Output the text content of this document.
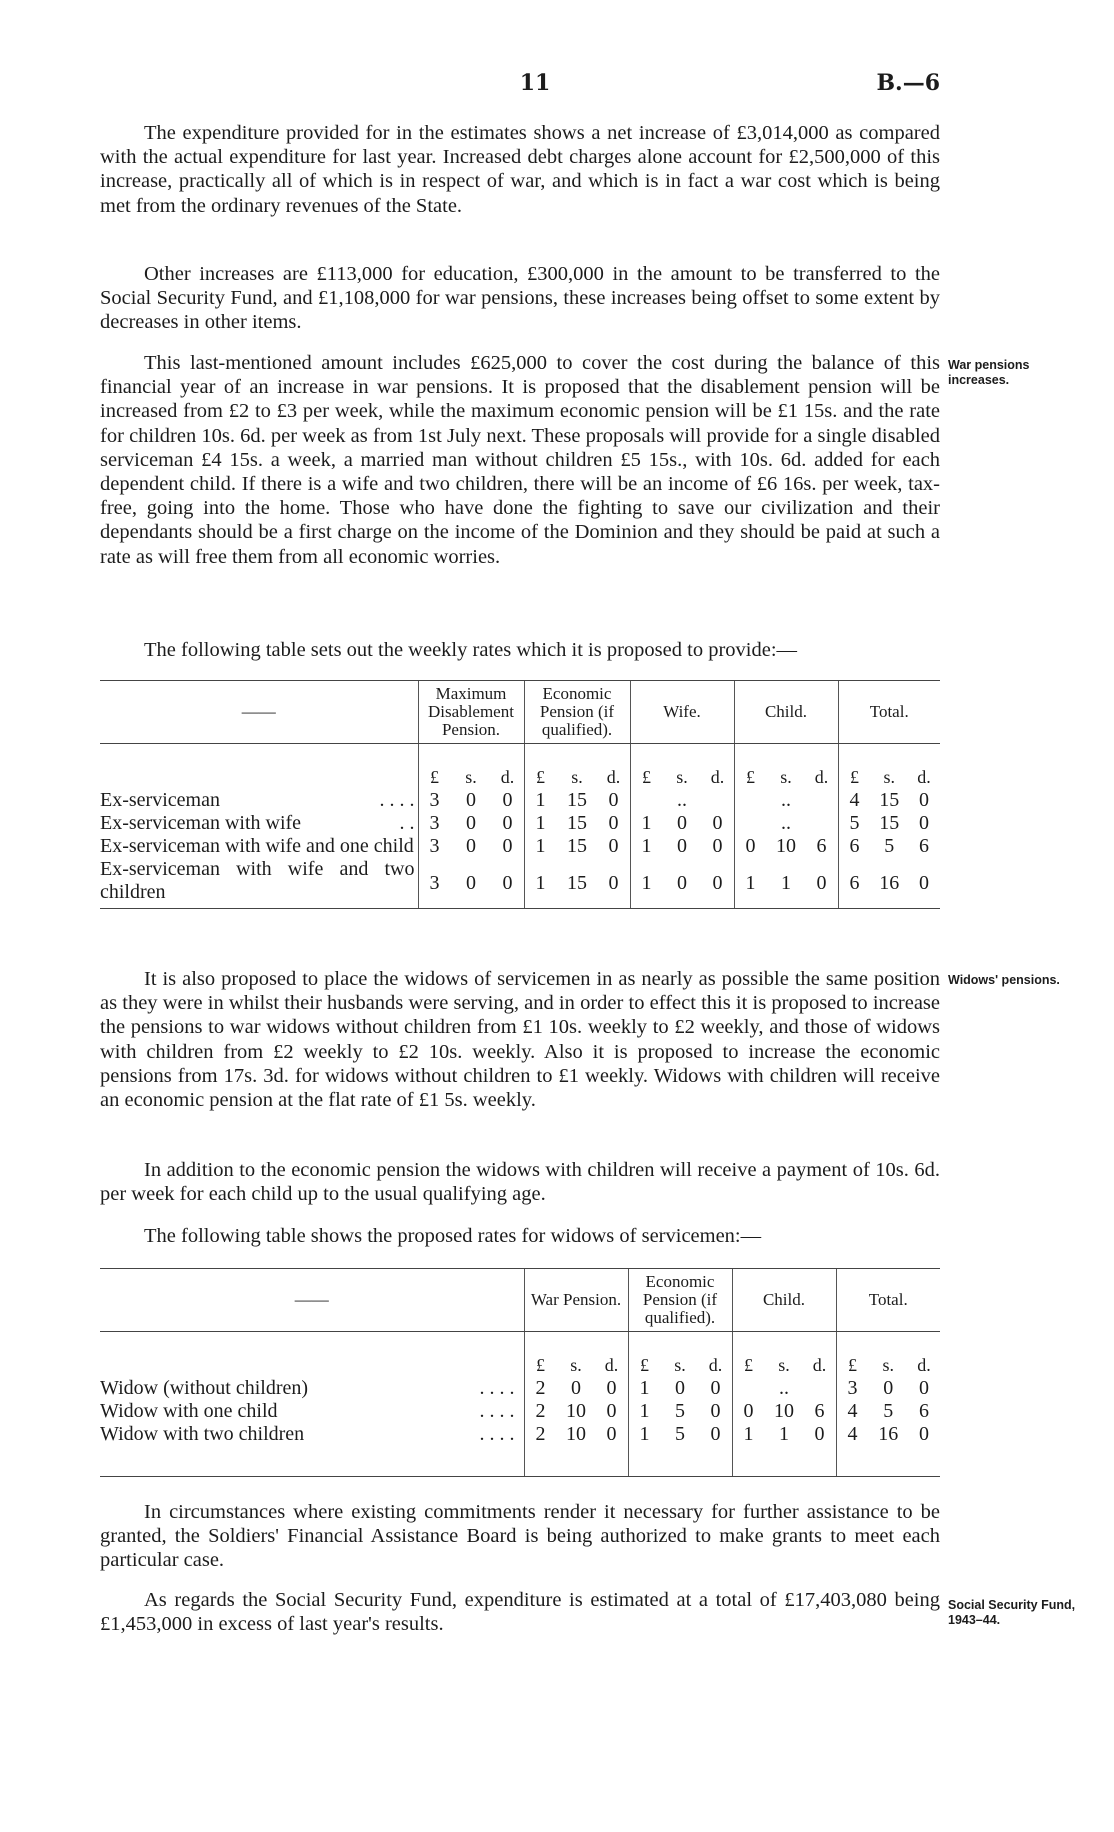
11	B.—6

The expenditure provided for in the estimates shows a net increase of £3,014,000 as compared with the actual expenditure for last year. Increased debt charges alone account for £2,500,000 of this increase, practically all of which is in respect of war, and which is in fact a war cost which is being met from the ordinary revenues of the State.

Other increases are £113,000 for education, £300,000 in the amount to be transferred to the Social Security Fund, and £1,108,000 for war pensions, these increases being offset to some extent by decreases in other items.

This last-mentioned amount includes £625,000 to cover the cost during the balance of this financial year of an increase in war pensions. It is proposed that the disablement pension will be increased from £2 to £3 per week, while the maximum economic pension will be £1 15s. and the rate for children 10s. 6d. per week as from 1st July next. These proposals will provide for a single disabled serviceman £4 15s. a week, a married man without children £5 15s., with 10s. 6d. added for each dependent child. If there is a wife and two children, there will be an income of £6 16s. per week, tax-free, going into the home. Those who have done the fighting to save our civilization and their dependants should be a first charge on the income of the Dominion and they should be paid at such a rate as will free them from all economic worries.

War pensions increases.

The following table sets out the weekly rates which it is proposed to provide:—

——	Maximum Disablement Pension.	Economic Pension (if qualified).	Wife.	Child.	Total.

	£ s. d.	£ s. d.	£ s. d.	£ s. d.	£ s. d.

Ex-serviceman . . . .	3 0 0	1 15 0	..	..	4 15 0

Ex-serviceman with wife . .	3 0 0	1 15 0	1 0 0	..	5 15 0

Ex-serviceman with wife and one child	3 0 0	1 15 0	1 0 0	0 10 6	6 5 6

Ex-serviceman with wife and two children	3 0 0	1 15 0	1 0 0	1 1 0	6 16 0

It is also proposed to place the widows of servicemen in as nearly as possible the same position as they were in whilst their husbands were serving, and in order to effect this it is proposed to increase the pensions to war widows without children from £1 10s. weekly to £2 weekly, and those of widows with children from £2 weekly to £2 10s. weekly. Also it is proposed to increase the economic pensions from 17s. 3d. for widows without children to £1 weekly. Widows with children will receive an economic pension at the flat rate of £1 5s. weekly.

Widows' pensions.

In addition to the economic pension the widows with children will receive a payment of 10s. 6d. per week for each child up to the usual qualifying age.

The following table shows the proposed rates for widows of servicemen:—

——	War Pension.	Economic Pension (if qualified).	Child.	Total.

	£ s. d.	£ s. d.	£ s. d.	£ s. d.

Widow (without children) . . . .	2 0 0	1 0 0	..	3 0 0

Widow with one child . . . .	2 10 0	1 5 0	0 10 6	4 5 6

Widow with two children . . . .	2 10 0	1 5 0	1 1 0	4 16 0

In circumstances where existing commitments render it necessary for further assistance to be granted, the Soldiers' Financial Assistance Board is being authorized to make grants to meet each particular case.

As regards the Social Security Fund, expenditure is estimated at a total of £17,403,080 being £1,453,000 in excess of last year's results.

Social Security Fund, 1943–44.
